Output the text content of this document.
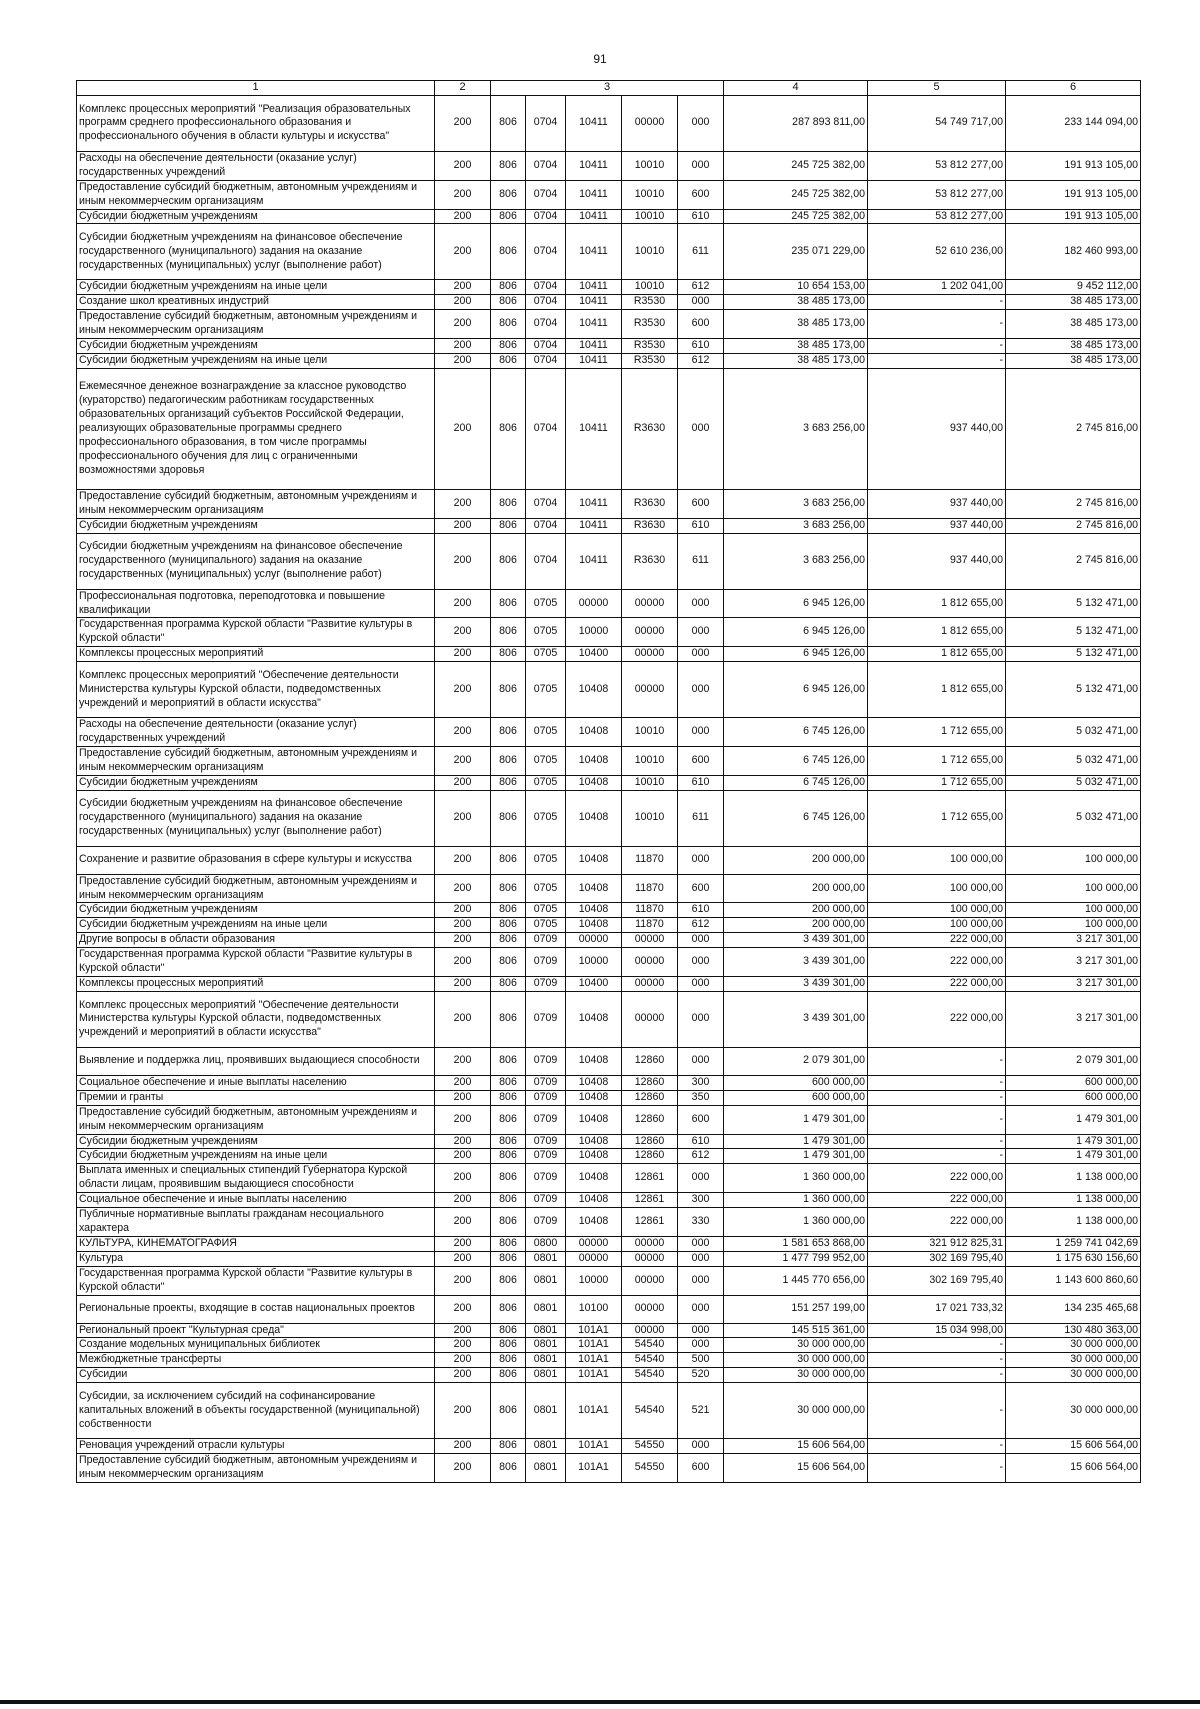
91
1	2	3					4	5	6
Комплекс процессных мероприятий "Реализация образовательных программ среднего профессионального образования и профессионального обучения в области культуры и искусства"	200	806	0704	10411	00000	000	287 893 811,00	54 749 717,00	233 144 094,00
Расходы на обеспечение деятельности (оказание услуг) государственных учреждений	200	806	0704	10411	10010	000	245 725 382,00	53 812 277,00	191 913 105,00
Предоставление субсидий бюджетным, автономным учреждениям и иным некоммерческим организациям	200	806	0704	10411	10010	600	245 725 382,00	53 812 277,00	191 913 105,00
Субсидии бюджетным учреждениям	200	806	0704	10411	10010	610	245 725 382,00	53 812 277,00	191 913 105,00
Субсидии бюджетным учреждениям на финансовое обеспечение государственного (муниципального) задания на оказание государственных (муниципальных) услуг (выполнение работ)	200	806	0704	10411	10010	611	235 071 229,00	52 610 236,00	182 460 993,00
Субсидии бюджетным учреждениям на иные цели	200	806	0704	10411	10010	612	10 654 153,00	1 202 041,00	9 452 112,00
Создание школ креативных индустрий	200	806	0704	10411	R3530	000	38 485 173,00	-	38 485 173,00
Предоставление субсидий бюджетным, автономным учреждениям и иным некоммерческим организациям	200	806	0704	10411	R3530	600	38 485 173,00	-	38 485 173,00
Субсидии бюджетным учреждениям	200	806	0704	10411	R3530	610	38 485 173,00	-	38 485 173,00
Субсидии бюджетным учреждениям на иные цели	200	806	0704	10411	R3530	612	38 485 173,00	-	38 485 173,00
Ежемесячное денежное вознаграждение за классное руководство (кураторство) педагогическим работникам государственных образовательных организаций субъектов Российской Федерации, реализующих образовательные программы среднего профессионального образования, в том числе программы профессионального обучения для лиц с ограниченными возможностями здоровья	200	806	0704	10411	R3630	000	3 683 256,00	937 440,00	2 745 816,00
Предоставление субсидий бюджетным, автономным учреждениям и иным некоммерческим организациям	200	806	0704	10411	R3630	600	3 683 256,00	937 440,00	2 745 816,00
Субсидии бюджетным учреждениям	200	806	0704	10411	R3630	610	3 683 256,00	937 440,00	2 745 816,00
Субсидии бюджетным учреждениям на финансовое обеспечение государственного (муниципального) задания на оказание государственных (муниципальных) услуг (выполнение работ)	200	806	0704	10411	R3630	611	3 683 256,00	937 440,00	2 745 816,00
Профессиональная подготовка, переподготовка и повышение квалификации	200	806	0705	00000	00000	000	6 945 126,00	1 812 655,00	5 132 471,00
Государственная программа Курской области "Развитие культуры в Курской области"	200	806	0705	10000	00000	000	6 945 126,00	1 812 655,00	5 132 471,00
Комплексы процессных мероприятий	200	806	0705	10400	00000	000	6 945 126,00	1 812 655,00	5 132 471,00
Комплекс процессных мероприятий "Обеспечение деятельности Министерства культуры Курской области, подведомственных учреждений и мероприятий в области искусства"	200	806	0705	10408	00000	000	6 945 126,00	1 812 655,00	5 132 471,00
Расходы на обеспечение деятельности (оказание услуг) государственных учреждений	200	806	0705	10408	10010	000	6 745 126,00	1 712 655,00	5 032 471,00
Предоставление субсидий бюджетным, автономным учреждениям и иным некоммерческим организациям	200	806	0705	10408	10010	600	6 745 126,00	1 712 655,00	5 032 471,00
Субсидии бюджетным учреждениям	200	806	0705	10408	10010	610	6 745 126,00	1 712 655,00	5 032 471,00
Субсидии бюджетным учреждениям на финансовое обеспечение государственного (муниципального) задания на оказание государственных (муниципальных) услуг (выполнение работ)	200	806	0705	10408	10010	611	6 745 126,00	1 712 655,00	5 032 471,00
Сохранение и развитие образования в сфере культуры и искусства	200	806	0705	10408	11870	000	200 000,00	100 000,00	100 000,00
Предоставление субсидий бюджетным, автономным учреждениям и иным некоммерческим организациям	200	806	0705	10408	11870	600	200 000,00	100 000,00	100 000,00
Субсидии бюджетным учреждениям	200	806	0705	10408	11870	610	200 000,00	100 000,00	100 000,00
Субсидии бюджетным учреждениям на иные цели	200	806	0705	10408	11870	612	200 000,00	100 000,00	100 000,00
Другие вопросы в области образования	200	806	0709	00000	00000	000	3 439 301,00	222 000,00	3 217 301,00
Государственная программа Курской области "Развитие культуры в Курской области"	200	806	0709	10000	00000	000	3 439 301,00	222 000,00	3 217 301,00
Комплексы процессных мероприятий	200	806	0709	10400	00000	000	3 439 301,00	222 000,00	3 217 301,00
Комплекс процессных мероприятий "Обеспечение деятельности Министерства культуры Курской области, подведомственных учреждений и мероприятий в области искусства"	200	806	0709	10408	00000	000	3 439 301,00	222 000,00	3 217 301,00
Выявление и поддержка лиц, проявивших выдающиеся способности	200	806	0709	10408	12860	000	2 079 301,00	-	2 079 301,00
Социальное обеспечение и иные выплаты населению	200	806	0709	10408	12860	300	600 000,00	-	600 000,00
Премии и гранты	200	806	0709	10408	12860	350	600 000,00	-	600 000,00
Предоставление субсидий бюджетным, автономным учреждениям и иным некоммерческим организациям	200	806	0709	10408	12860	600	1 479 301,00	-	1 479 301,00
Субсидии бюджетным учреждениям	200	806	0709	10408	12860	610	1 479 301,00	-	1 479 301,00
Субсидии бюджетным учреждениям на иные цели	200	806	0709	10408	12860	612	1 479 301,00	-	1 479 301,00
Выплата именных и специальных стипендий Губернатора Курской области лицам, проявившим выдающиеся способности	200	806	0709	10408	12861	000	1 360 000,00	222 000,00	1 138 000,00
Социальное обеспечение и иные выплаты населению	200	806	0709	10408	12861	300	1 360 000,00	222 000,00	1 138 000,00
Публичные нормативные выплаты гражданам несоциального характера	200	806	0709	10408	12861	330	1 360 000,00	222 000,00	1 138 000,00
КУЛЬТУРА, КИНЕМАТОГРАФИЯ	200	806	0800	00000	00000	000	1 581 653 868,00	321 912 825,31	1 259 741 042,69
Культура	200	806	0801	00000	00000	000	1 477 799 952,00	302 169 795,40	1 175 630 156,60
Государственная программа Курской области "Развитие культуры в Курской области"	200	806	0801	10000	00000	000	1 445 770 656,00	302 169 795,40	1 143 600 860,60
Региональные проекты, входящие в состав национальных проектов	200	806	0801	10100	00000	000	151 257 199,00	17 021 733,32	134 235 465,68
Региональный проект "Культурная среда"	200	806	0801	101A1	00000	000	145 515 361,00	15 034 998,00	130 480 363,00
Создание модельных муниципальных библиотек	200	806	0801	101A1	54540	000	30 000 000,00	-	30 000 000,00
Межбюджетные трансферты	200	806	0801	101A1	54540	500	30 000 000,00	-	30 000 000,00
Субсидии	200	806	0801	101A1	54540	520	30 000 000,00	-	30 000 000,00
Субсидии, за исключением субсидий на софинансирование капитальных вложений в объекты государственной (муниципальной) собственности	200	806	0801	101A1	54540	521	30 000 000,00	-	30 000 000,00
Реновация учреждений отрасли культуры	200	806	0801	101A1	54550	000	15 606 564,00	-	15 606 564,00
Предоставление субсидий бюджетным, автономным учреждениям и иным некоммерческим организациям	200	806	0801	101A1	54550	600	15 606 564,00	-	15 606 564,00
